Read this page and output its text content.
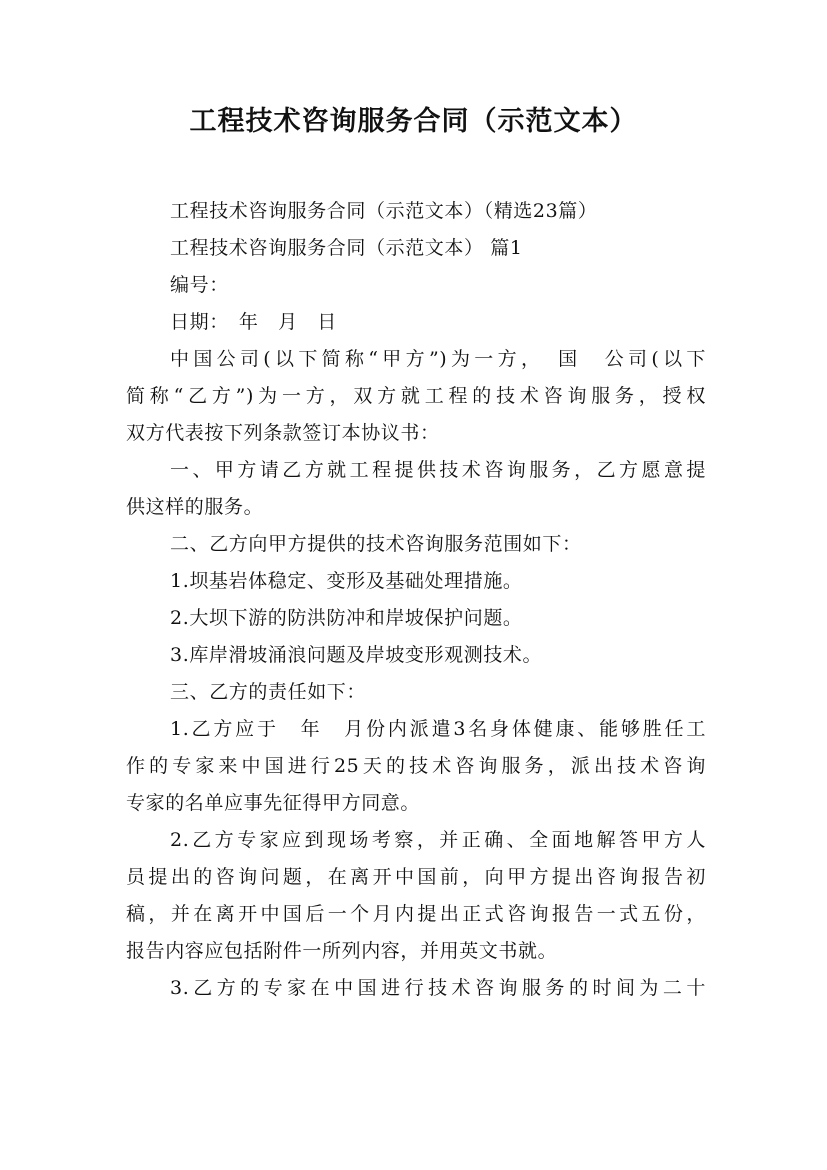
工程技术咨询服务合同（示范文本）
工程技术咨询服务合同（示范文本）（精选23篇）
工程技术咨询服务合同（示范文本） 篇1
编号：
日期：　年　月　日
中国公司(以下简称“甲方”)为一方，　国　公司(以下
简称“乙方”)为一方，双方就工程的技术咨询服务，授权
双方代表按下列条款签订本协议书：
一、甲方请乙方就工程提供技术咨询服务，乙方愿意提
供这样的服务。
二、乙方向甲方提供的技术咨询服务范围如下：
1.坝基岩体稳定、变形及基础处理措施。
2.大坝下游的防洪防冲和岸坡保护问题。
3.库岸滑坡涌浪问题及岸坡变形观测技术。
三、乙方的责任如下：
1.乙方应于　年　月份内派遣3名身体健康、能够胜任工
作的专家来中国进行25天的技术咨询服务，派出技术咨询
专家的名单应事先征得甲方同意。
2.乙方专家应到现场考察，并正确、全面地解答甲方人
员提出的咨询问题，在离开中国前，向甲方提出咨询报告初
稿，并在离开中国后一个月内提出正式咨询报告一式五份，
报告内容应包括附件一所列内容，并用英文书就。
3.乙方的专家在中国进行技术咨询服务的时间为二十
